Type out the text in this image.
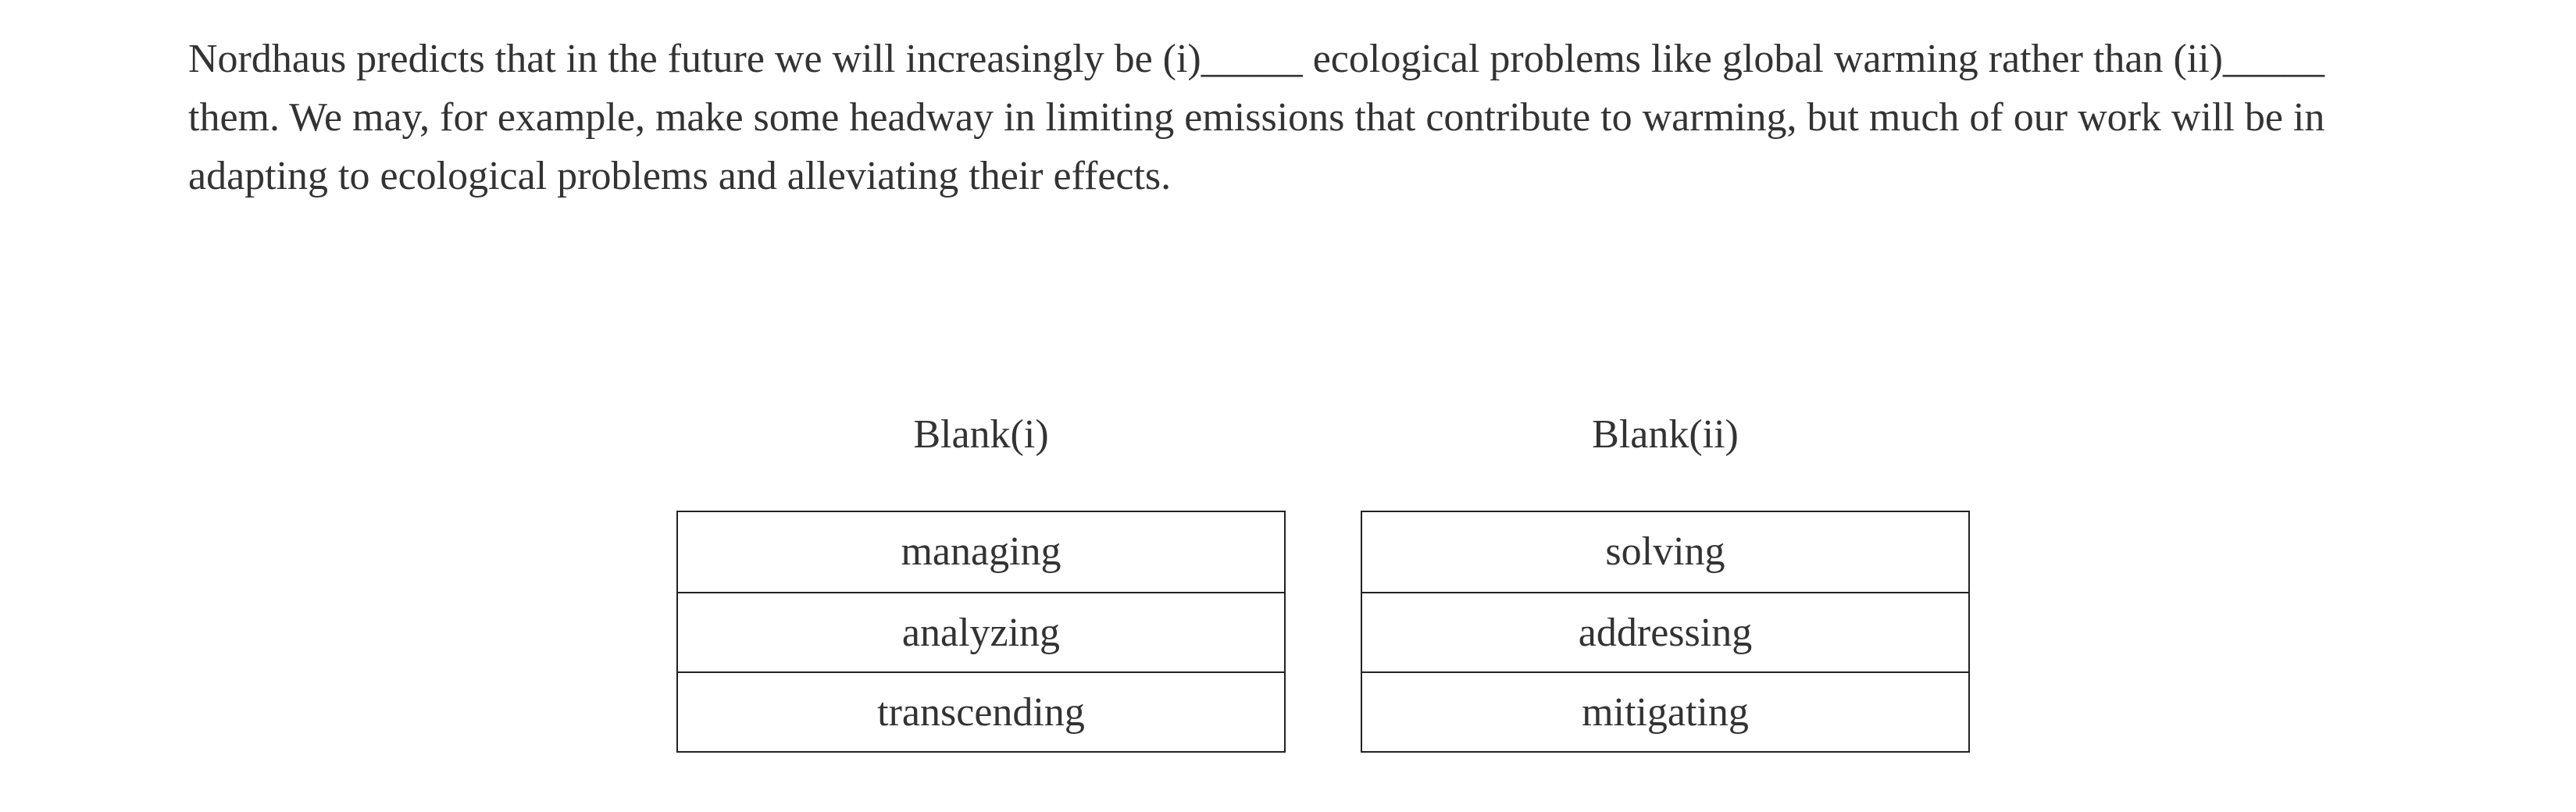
Nordhaus predicts that in the future we will increasingly be (i)_____ ecological problems like global warming rather than (ii)_____ them. We may, for example, make some headway in limiting emissions that contribute to warming, but much of our work will be in adapting to ecological problems and alleviating their effects.

Blank(i)
managing
analyzing
transcending
Blank(ii)
solving
addressing
mitigating
